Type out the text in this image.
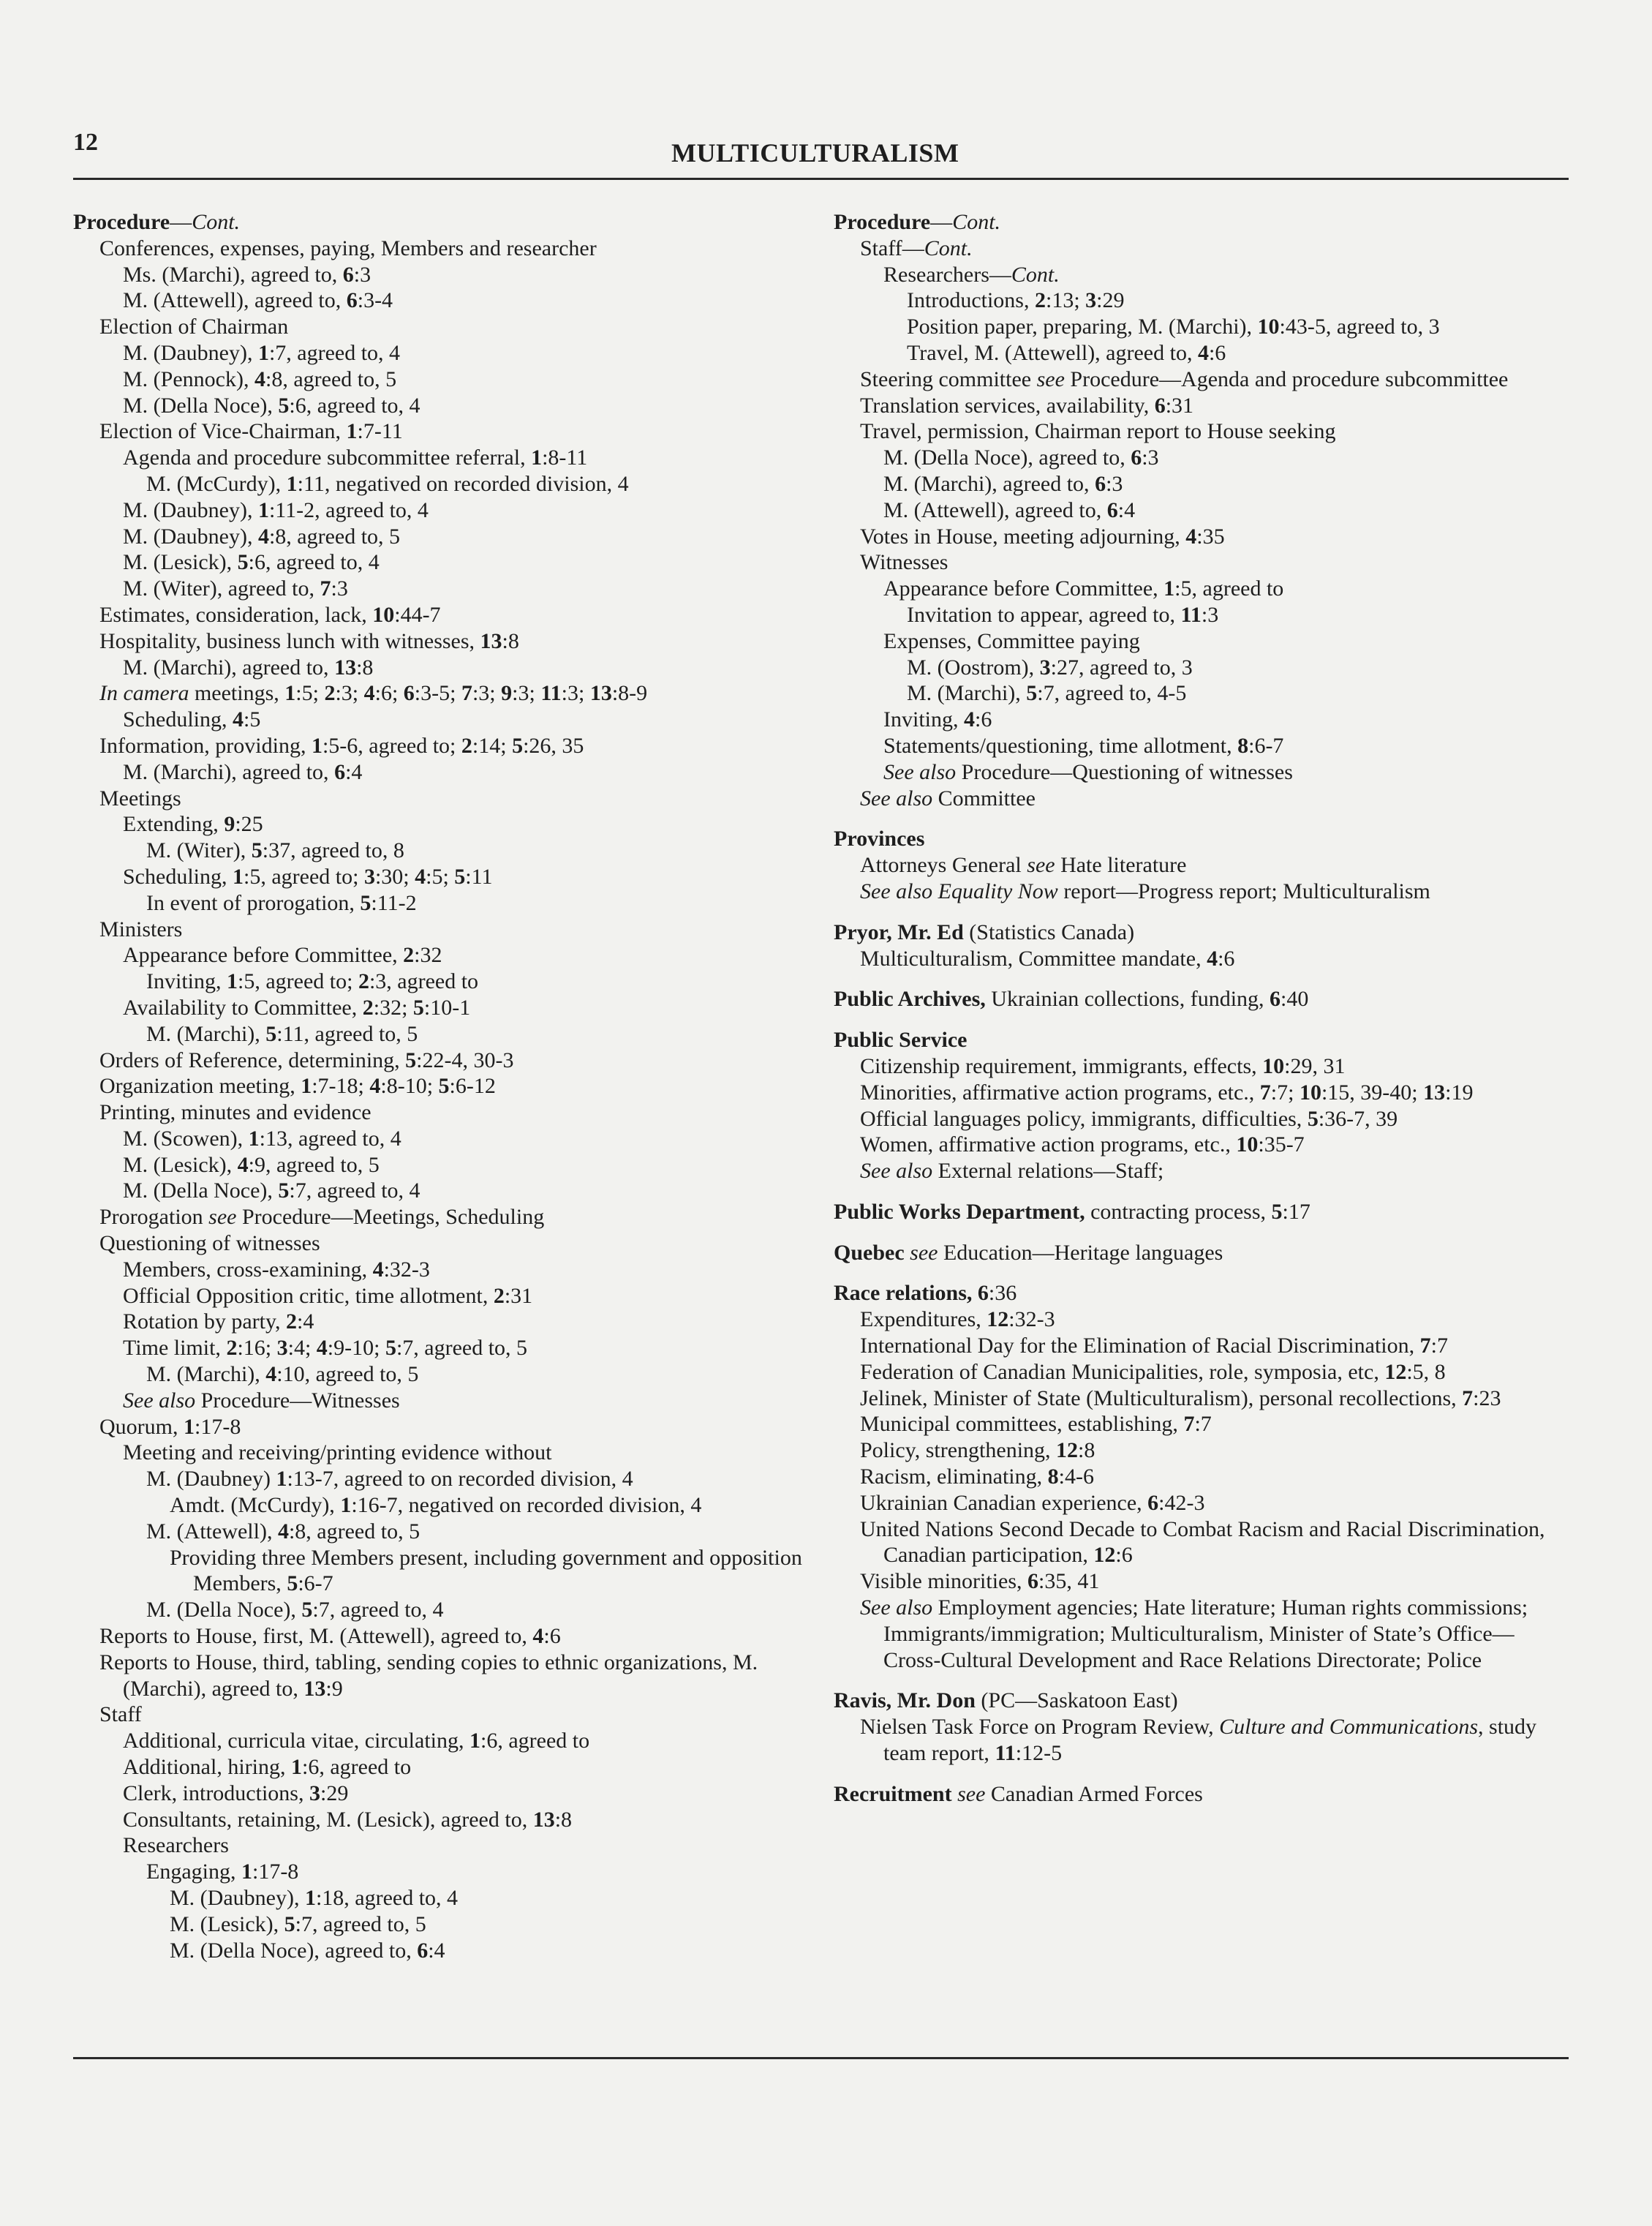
12	MULTICULTURALISM
Procedure—Cont.
Conferences, expenses, paying, Members and researcher
Ms. (Marchi), agreed to, 6:3
M. (Attewell), agreed to, 6:3-4
Election of Chairman
M. (Daubney), 1:7, agreed to, 4
M. (Pennock), 4:8, agreed to, 5
M. (Della Noce), 5:6, agreed to, 4
Election of Vice-Chairman, 1:7-11
Agenda and procedure subcommittee referral, 1:8-11
M. (McCurdy), 1:11, negatived on recorded division, 4
M. (Daubney), 1:11-2, agreed to, 4
M. (Daubney), 4:8, agreed to, 5
M. (Lesick), 5:6, agreed to, 4
M. (Witer), agreed to, 7:3
Estimates, consideration, lack, 10:44-7
Hospitality, business lunch with witnesses, 13:8
M. (Marchi), agreed to, 13:8
In camera meetings, 1:5; 2:3; 4:6; 6:3-5; 7:3; 9:3; 11:3; 13:8-9
Scheduling, 4:5
Information, providing, 1:5-6, agreed to; 2:14; 5:26, 35
M. (Marchi), agreed to, 6:4
Meetings
Extending, 9:25
M. (Witer), 5:37, agreed to, 8
Scheduling, 1:5, agreed to; 3:30; 4:5; 5:11
In event of prorogation, 5:11-2
Ministers
Appearance before Committee, 2:32
Inviting, 1:5, agreed to; 2:3, agreed to
Availability to Committee, 2:32; 5:10-1
M. (Marchi), 5:11, agreed to, 5
Orders of Reference, determining, 5:22-4, 30-3
Organization meeting, 1:7-18; 4:8-10; 5:6-12
Printing, minutes and evidence
M. (Scowen), 1:13, agreed to, 4
M. (Lesick), 4:9, agreed to, 5
M. (Della Noce), 5:7, agreed to, 4
Prorogation see Procedure—Meetings, Scheduling
Questioning of witnesses
Members, cross-examining, 4:32-3
Official Opposition critic, time allotment, 2:31
Rotation by party, 2:4
Time limit, 2:16; 3:4; 4:9-10; 5:7, agreed to, 5
M. (Marchi), 4:10, agreed to, 5
See also Procedure—Witnesses
Quorum, 1:17-8
Meeting and receiving/printing evidence without
M. (Daubney) 1:13-7, agreed to on recorded division, 4
Amdt. (McCurdy), 1:16-7, negatived on recorded division, 4
M. (Attewell), 4:8, agreed to, 5
Providing three Members present, including government and opposition Members, 5:6-7
M. (Della Noce), 5:7, agreed to, 4
Reports to House, first, M. (Attewell), agreed to, 4:6
Reports to House, third, tabling, sending copies to ethnic organizations, M. (Marchi), agreed to, 13:9
Staff
Additional, curricula vitae, circulating, 1:6, agreed to
Additional, hiring, 1:6, agreed to
Clerk, introductions, 3:29
Consultants, retaining, M. (Lesick), agreed to, 13:8
Researchers
Engaging, 1:17-8
M. (Daubney), 1:18, agreed to, 4
M. (Lesick), 5:7, agreed to, 5
M. (Della Noce), agreed to, 6:4
Procedure—Cont.
Staff—Cont.
Researchers—Cont.
Introductions, 2:13; 3:29
Position paper, preparing, M. (Marchi), 10:43-5, agreed to, 3
Travel, M. (Attewell), agreed to, 4:6
Steering committee see Procedure—Agenda and procedure subcommittee
Translation services, availability, 6:31
Travel, permission, Chairman report to House seeking
M. (Della Noce), agreed to, 6:3
M. (Marchi), agreed to, 6:3
M. (Attewell), agreed to, 6:4
Votes in House, meeting adjourning, 4:35
Witnesses
Appearance before Committee, 1:5, agreed to
Invitation to appear, agreed to, 11:3
Expenses, Committee paying
M. (Oostrom), 3:27, agreed to, 3
M. (Marchi), 5:7, agreed to, 4-5
Inviting, 4:6
Statements/questioning, time allotment, 8:6-7
See also Procedure—Questioning of witnesses
See also Committee
Provinces
Attorneys General see Hate literature
See also Equality Now report—Progress report; Multiculturalism
Pryor, Mr. Ed (Statistics Canada)
Multiculturalism, Committee mandate, 4:6
Public Archives, Ukrainian collections, funding, 6:40
Public Service
Citizenship requirement, immigrants, effects, 10:29, 31
Minorities, affirmative action programs, etc., 7:7; 10:15, 39-40; 13:19
Official languages policy, immigrants, difficulties, 5:36-7, 39
Women, affirmative action programs, etc., 10:35-7
See also External relations—Staff;
Public Works Department, contracting process, 5:17
Quebec see Education—Heritage languages
Race relations, 6:36
Expenditures, 12:32-3
International Day for the Elimination of Racial Discrimination, 7:7
Federation of Canadian Municipalities, role, symposia, etc, 12:5, 8
Jelinek, Minister of State (Multiculturalism), personal recollections, 7:23
Municipal committees, establishing, 7:7
Policy, strengthening, 12:8
Racism, eliminating, 8:4-6
Ukrainian Canadian experience, 6:42-3
United Nations Second Decade to Combat Racism and Racial Discrimination, Canadian participation, 12:6
Visible minorities, 6:35, 41
See also Employment agencies; Hate literature; Human rights commissions; Immigrants/immigration; Multiculturalism, Minister of State’s Office—Cross-Cultural Development and Race Relations Directorate; Police
Ravis, Mr. Don (PC—Saskatoon East)
Nielsen Task Force on Program Review, Culture and Communications, study team report, 11:12-5
Recruitment see Canadian Armed Forces
